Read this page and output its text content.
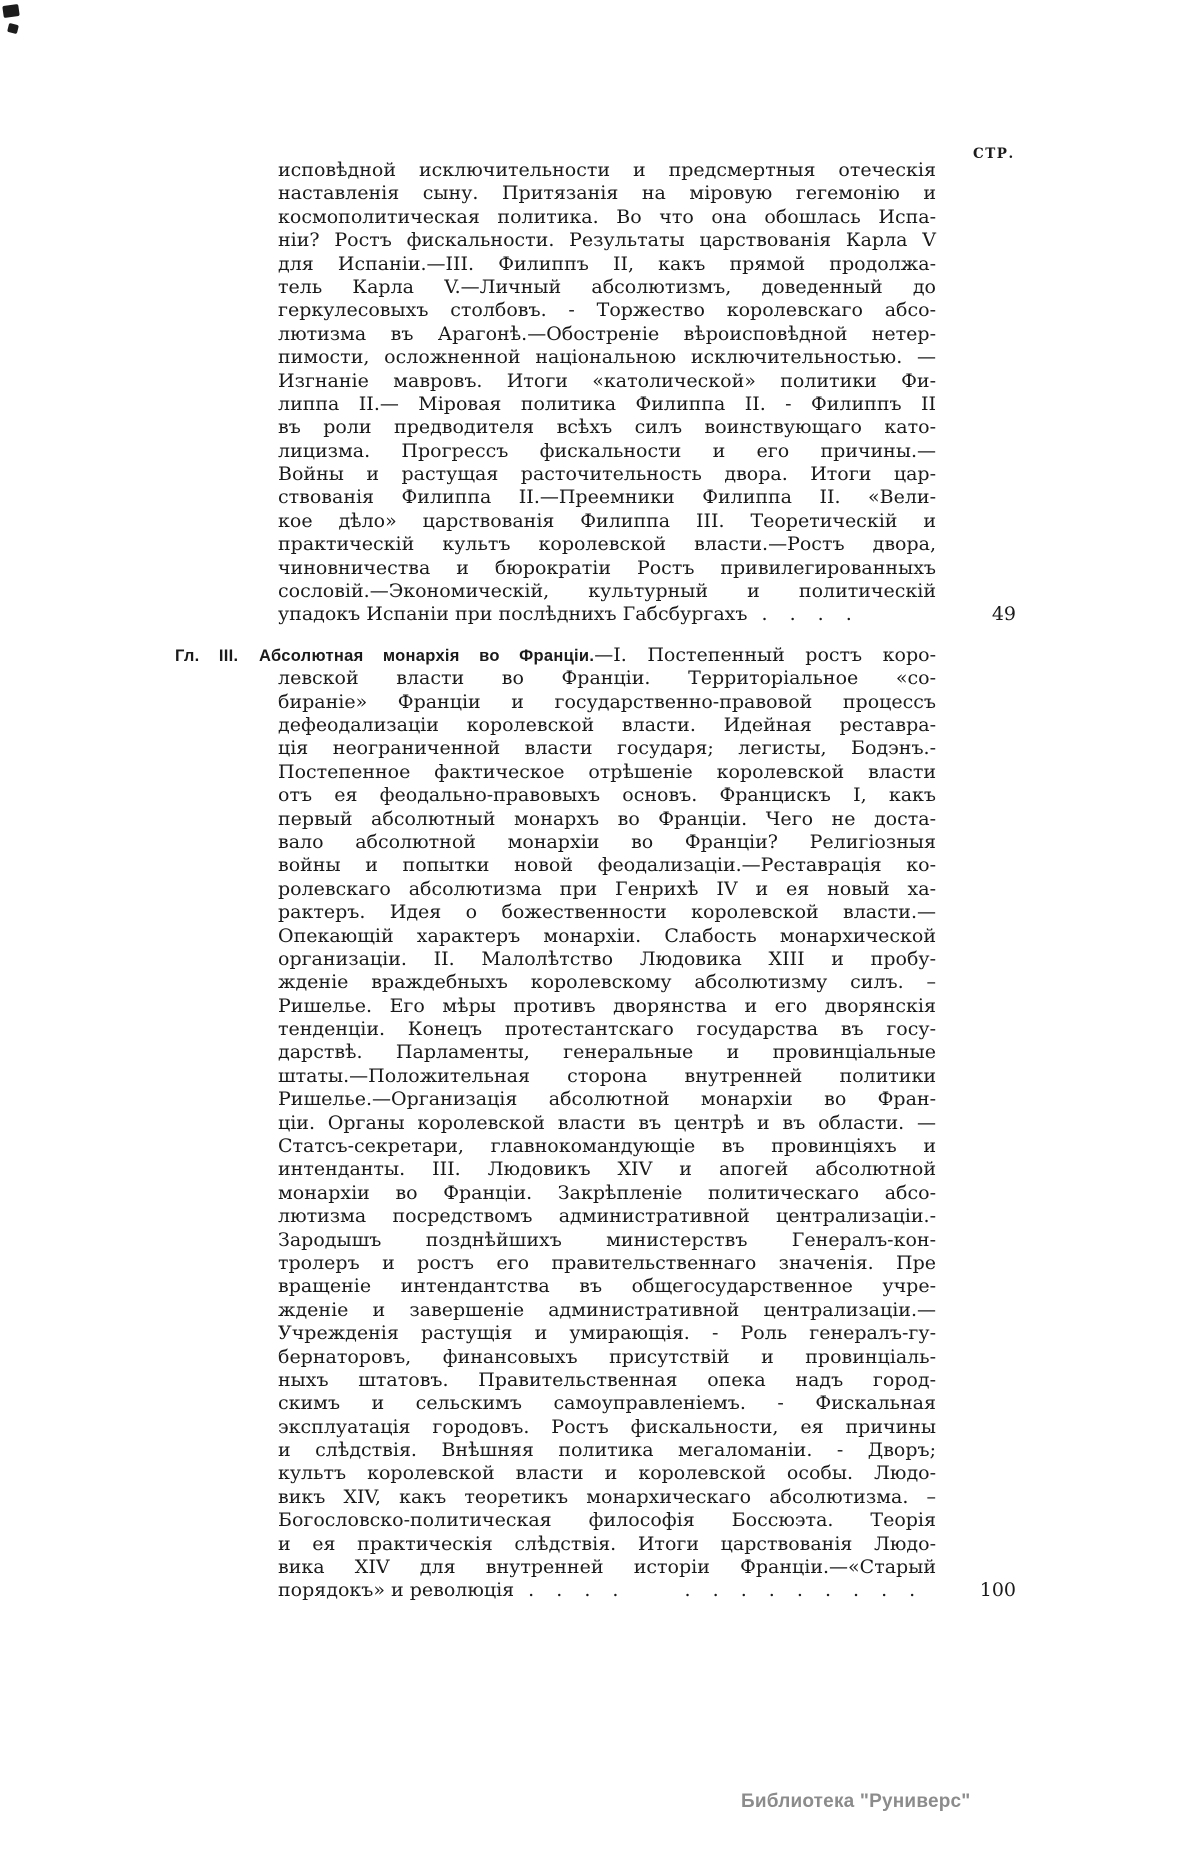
СТР.
исповѣдной исключительности и предсмертныя отеческія
наставленія сыну. Притязанія на міровую гегемонію и
космополитическая политика. Во что она обошлась Испа-
ніи? Ростъ фискальности. Результаты царствованія Карла V
для Испаніи.—III. Филиппъ II, какъ прямой продолжа-
тель Карла V.—Личный абсолютизмъ, доведенный до
геркулесовыхъ столбовъ. - Торжество королевскаго абсо-
лютизма въ Арагонѣ.—Обостреніе вѣроисповѣдной нетер-
пимости, осложненной національною исключительностью. —
Изгнаніе мавровъ. Итоги «католической» политики Фи-
липпа II.— Міровая политика Филиппа II. - Филиппъ II
въ роли предводителя всѣхъ силъ воинствующаго като-
лицизма. Прогрессъ фискальности и его причины.—
Войны и растущая расточительность двора. Итоги цар-
ствованія Филиппа II.—Преемники Филиппа II. «Вели-
кое дѣло» царствованія Филиппа III. Теоретическій и
практическій культъ королевской власти.—Ростъ двора,
чиновничества и бюрократіи Ростъ привилегированныхъ
сословій.—Экономическій, культурный и политическій
упадокъ Испаніи при послѣднихъ Габсбургахъ . . . .	49
Гл. III. Абсолютная монархія во Франціи.—I. Постепенный ростъ коро-
левской власти во Франціи. Территоріальное «со-
бираніе» Франціи и государственно-правовой процессъ
дефеодализаціи королевской власти. Идейная реставра-
ція неограниченной власти государя; легисты, Бодэнъ.-
Постепенное фактическое отрѣшеніе королевской власти
отъ ея феодально-правовыхъ основъ. Францискъ I, какъ
первый абсолютный монархъ во Франціи. Чего не доста-
вало абсолютной монархіи во Франціи? Религіозныя
войны и попытки новой феодализаціи.—Реставрація ко-
ролевскаго абсолютизма при Генрихѣ IV и ея новый ха-
рактеръ. Идея о божественности королевской власти.—
Опекающій характеръ монархіи. Слабость монархической
организаціи. II. Малолѣтство Людовика XIII и пробу-
жденіе враждебныхъ королевскому абсолютизму силъ. –
Ришелье. Его мѣры противъ дворянства и его дворянскія
тенденціи. Конецъ протестантскаго государства въ госу-
дарствѣ. Парламенты, генеральные и провинціальные
штаты.—Положительная сторона внутренней политики
Ришелье.—Организація абсолютной монархіи во Фран-
ціи. Органы королевской власти въ центрѣ и въ области. —
Статсъ-секретари, главнокомандующіе въ провинціяхъ и
интенданты. III. Людовикъ XIV и апогей абсолютной
монархіи во Франціи. Закрѣпленіе политическаго абсо-
лютизма посредствомъ административной централизаціи.-
Зародышъ позднѣйшихъ министерствъ Генералъ-кон-
тролеръ и ростъ его правительственнаго значенія. Пре
вращеніе интендантства въ общегосударственное учре-
жденіе и завершеніе административной централизаціи.—
Учрежденія растущія и умирающія. - Роль генералъ-гу-
бернаторовъ, финансовыхъ присутствій и провинціаль-
ныхъ штатовъ. Правительственная опека надъ город-
скимъ и сельскимъ самоуправленіемъ. - Фискальная
эксплуатація городовъ. Ростъ фискальности, ея причины
и слѣдствія. Внѣшняя политика мегаломаніи. - Дворъ;
культъ королевской власти и королевской особы. Людо-
викъ XIV, какъ теоретикъ монархическаго абсолютизма. –
Богословско-политическая философія Боссюэта. Теорія
и ея практическія слѣдствія. Итоги царствованія Людо-
вика XIV для внутренней исторіи Франціи.—«Старый
порядокъ» и революція . . . .   . . . . . . . . .	100
Библиотека "Руниверс"
